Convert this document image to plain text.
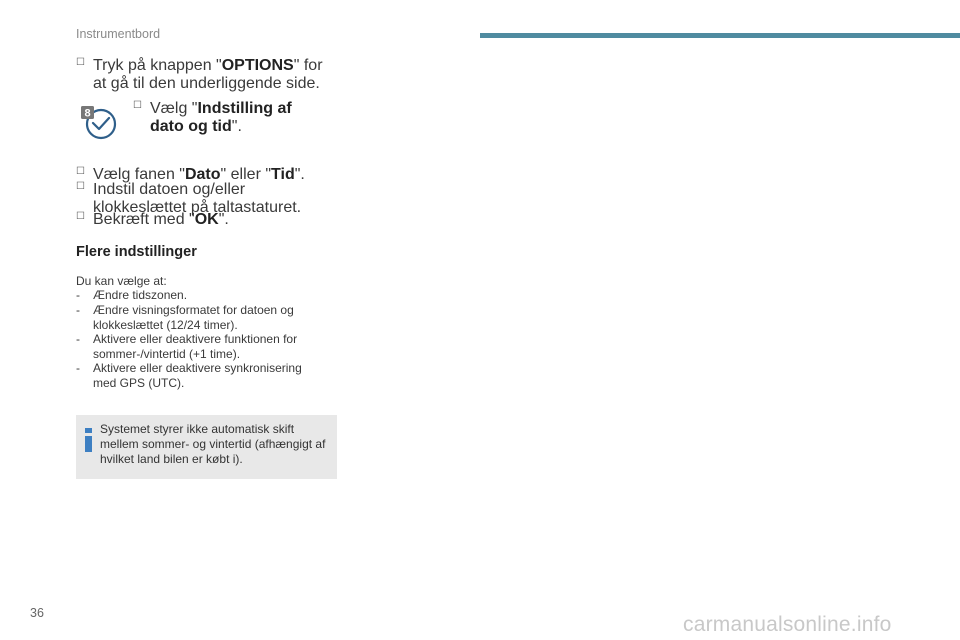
Instrumentbord
☐ Tryk på knappen "OPTIONS" for at gå til den underliggende side.
8
☐ Vælg "Indstilling af dato og tid".
☐ Vælg fanen "Dato" eller "Tid".
☐ Indstil datoen og/eller klokkeslættet på taltastaturet.
☐ Bekræft med "OK".
Flere indstillinger
Du kan vælge at:
-	Ændre tidszonen.
-	Ændre visningsformatet for datoen og klokkeslættet (12/24 timer).
-	Aktivere eller deaktivere funktionen for sommer-/vintertid (+1 time).
-	Aktivere eller deaktivere synkronisering med GPS (UTC).
Systemet styrer ikke automatisk skift mellem sommer- og vintertid (afhængigt af hvilket land bilen er købt i).
36	carmanualsonline.info
